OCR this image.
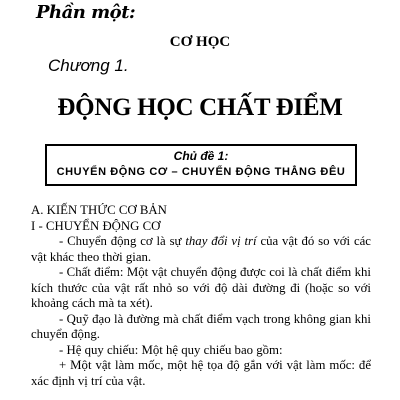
Phần một:
CƠ HỌC
Chương 1.
ĐỘNG HỌC CHẤT ĐIỂM
Chủ đề 1:
CHUYỂN ĐỘNG CƠ – CHUYỂN ĐỘNG THẲNG ĐÊU
A. KIẾN THỨC CƠ BẢN
I - CHUYỂN ĐỘNG CƠ
- Chuyển động cơ là sự thay đổi vị trí của vật đó so với các vật khác theo thời gian.
- Chất điểm: Một vật chuyển động được coi là chất điểm khi kích thước của vật rất nhỏ so với độ dài đường đi (hoặc so với khoảng cách mà ta xét).
- Quỹ đạo là đường mà chất điểm vạch trong không gian khi chuyển động.
- Hệ quy chiếu: Một hệ quy chiếu bao gồm:
+ Một vật làm mốc, một hệ tọa độ gắn với vật làm mốc: để xác định vị trí của vật.
